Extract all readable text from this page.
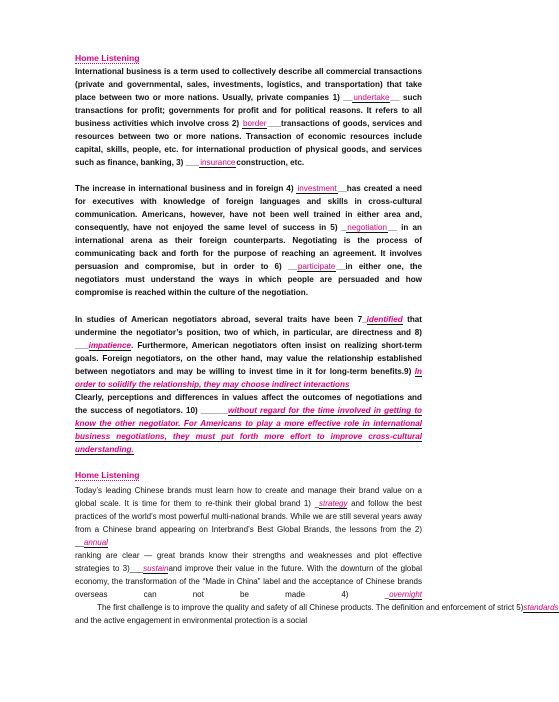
Home Listening

International business is a term used to collectively describe all commercial transactions (private and governmental, sales, investments, logistics, and transportation) that take place between two or more nations. Usually, private companies 1) __undertake__ such transactions for profit; governments for profit and for political reasons. It refers to all business activities which involve cross 2) border___transactions of goods, services and resources between two or more nations. Transaction of economic resources include capital, skills, people, etc. for international production of physical goods, and services such as finance, banking, 3) ___insuranceconstruction, etc.

The increase in international business and in foreign 4) investment__has created a need for executives with knowledge of foreign languages and skills in cross-cultural communication. Americans, however, have not been well trained in either area and, consequently, have not enjoyed the same level of success in 5) _negotiation__ in an international arena as their foreign counterparts. Negotiating is the process of communicating back and forth for the purpose of reaching an agreement. It involves persuasion and compromise, but in order to 6) __participate__in either one, the negotiators must understand the ways in which people are persuaded and how compromise is reached within the culture of the negotiation.

In studies of American negotiators abroad, several traits have been 7_identified that undermine the negotiator’s position, two of which, in particular, are directness and 8) ___impatience. Furthermore, American negotiators often insist on realizing short-term goals. Foreign negotiators, on the other hand, may value the relationship established between negotiators and may be willing to invest time in it for long-term benefits.9) In order to solidify the relationship, they may choose indirect interactions
Clearly, perceptions and differences in values affect the outcomes of negotiations and the success of negotiators. 10) ______without regard for the time involved in getting to know the other negotiator. For Americans to play a more effective role in international business negotiations, they must put forth more effort to improve cross-cultural understanding.

Home Listening

Today’s leading Chinese brands must learn how to create and manage their brand value on a global scale. It is time for them to re-think their global brand 1) _strategy and follow the best practices of the world’s most powerful multi-national brands. While we are still several years away from a Chinese brand appearing on Interbrand’s Best Global Brands, the lessons from the 2) __annual
ranking are clear — great brands know their strengths and weaknesses and plot effective strategies to 3)___sustainand improve their value in the future. With the downturn of the global economy, the transformation of the “Made in China” label and the acceptance of Chinese brands overseas can not be made 4) _overnight          The first challenge is to improve the quality and safety of all Chinese products. The definition and enforcement of strict 5)standards and the active engagement in environmental protection is a social
